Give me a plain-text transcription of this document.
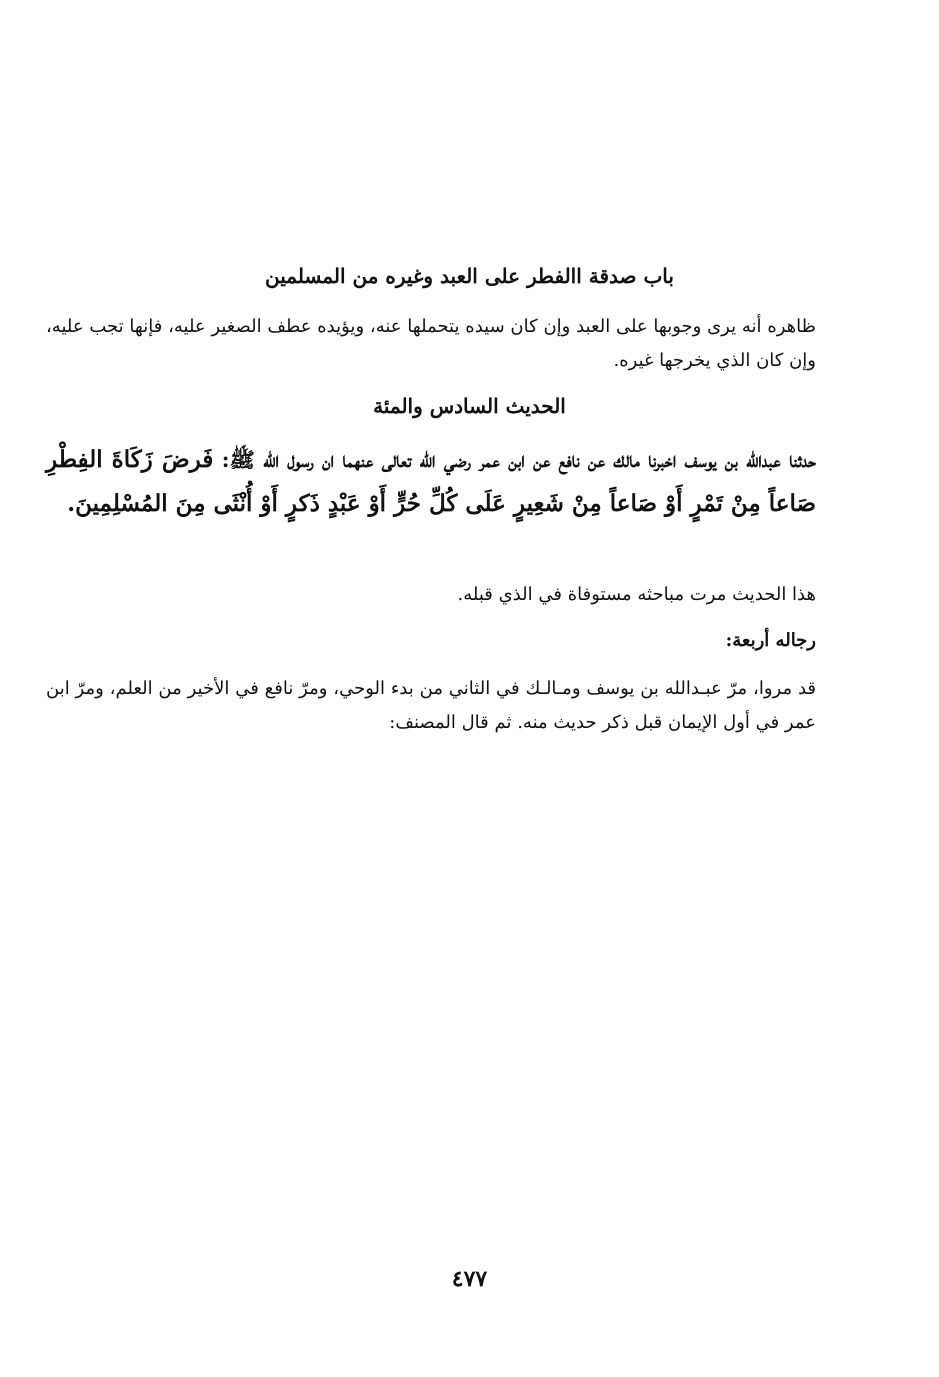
باب صدقة االفطر على العبد وغيره من المسلمين
ظاهره أنه يرى وجوبها على العبد وإن كان سيده يتحملها عنه، ويؤيده عطف الصغير عليه، فإنها تجب عليه، وإن كان الذي يخرجها غيره.
الحديث السادس والمئة
حدثنا عبدالله بن يوسف اخبرنا مالك عن نافع عن ابن عمر رضي الله تعالى عنهما ان رسول الله ﷺ: فَرضَ زَكَاةَ الفِطْرِ صَاعاً مِنْ تَمْرٍ أَوْ صَاعاً مِنْ شَعِيرٍ عَلَى كُلِّ حُرٍّ أَوْ عَبْدٍ ذَكرٍ أَوْ أُنْثَى مِنَ المُسْلِمِينَ.
هذا الحديث مرت مباحثه مستوفاة في الذي قبله.
رجاله أربعة:
قد مروا، مرّ عبـدالله بن يوسف ومـالـك في الثاني من بدء الوحي، ومرّ نافع في الأخير من العلم، ومرّ ابن عمر في أول الإيمان قبل ذكر حديث منه. ثم قال المصنف:
٤٧٧
